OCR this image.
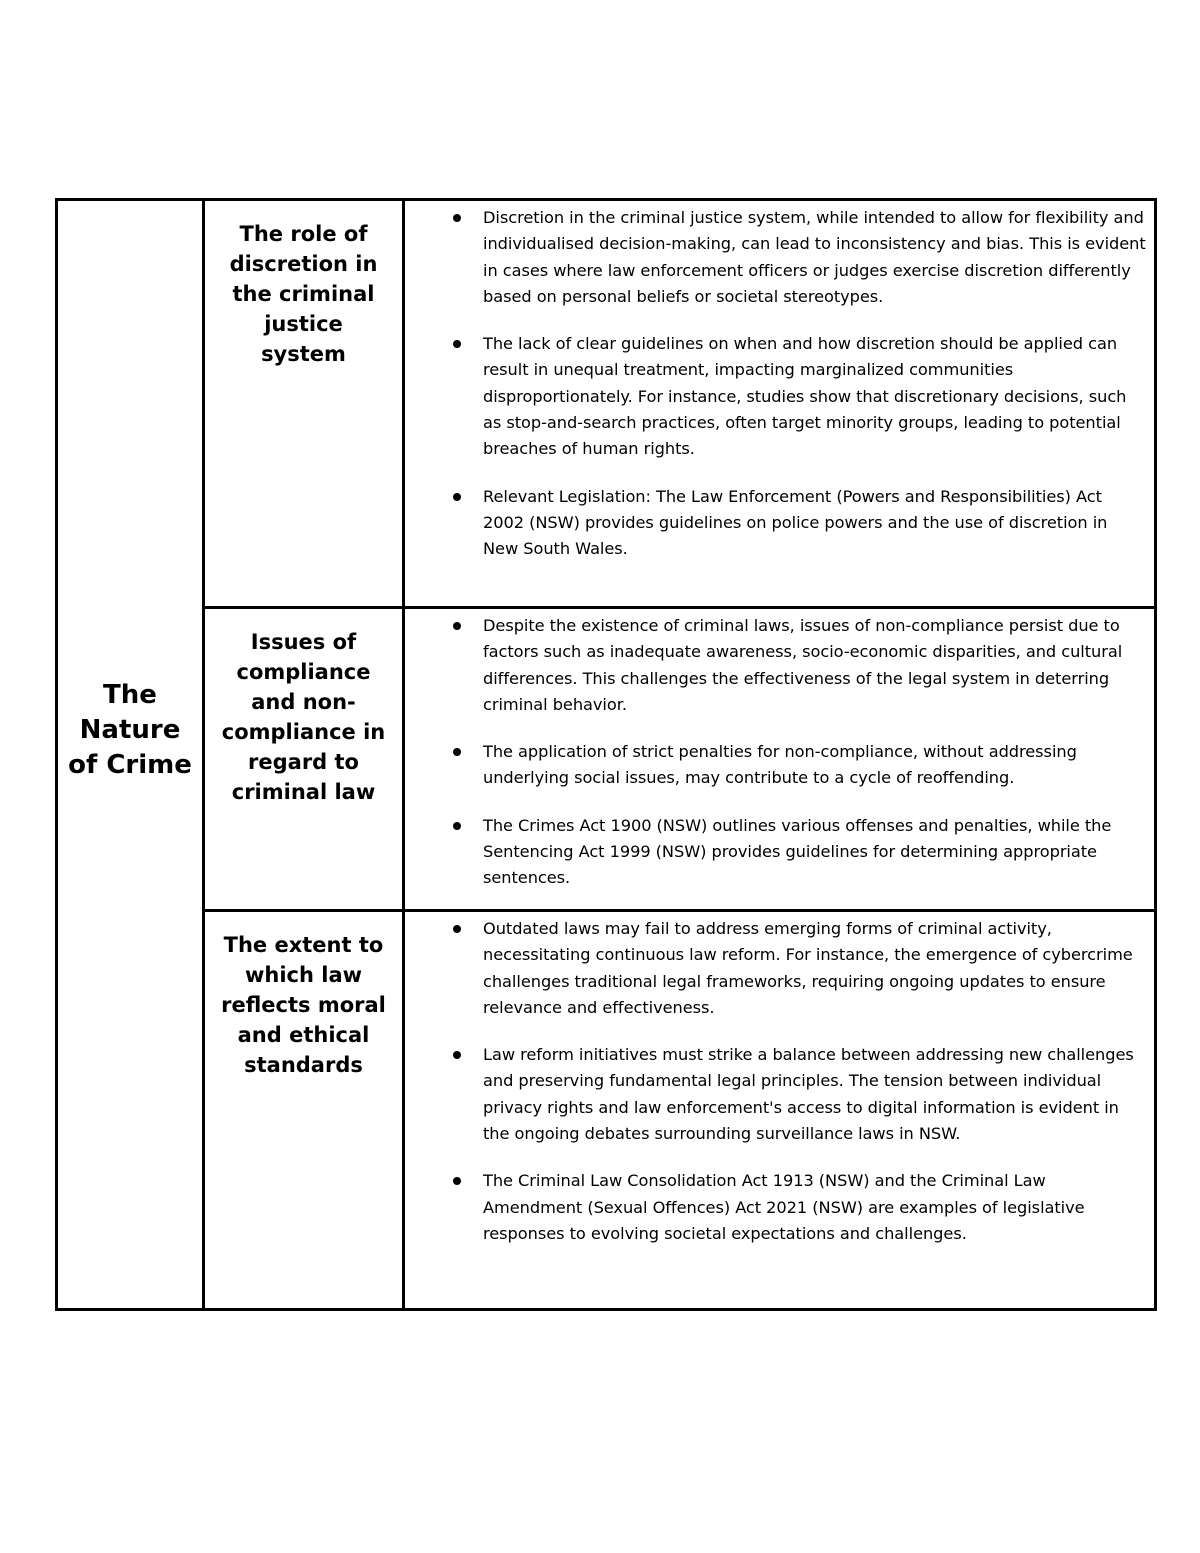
The Nature of Crime
The role of discretion in the criminal justice system
Discretion in the criminal justice system, while intended to allow for flexibility and individualised decision-making, can lead to inconsistency and bias. This is evident in cases where law enforcement officers or judges exercise discretion differently based on personal beliefs or societal stereotypes.
The lack of clear guidelines on when and how discretion should be applied can result in unequal treatment, impacting marginalized communities disproportionately. For instance, studies show that discretionary decisions, such as stop-and-search practices, often target minority groups, leading to potential breaches of human rights.
Relevant Legislation: The Law Enforcement (Powers and Responsibilities) Act 2002 (NSW) provides guidelines on police powers and the use of discretion in New South Wales.
Issues of compliance and non-compliance in regard to criminal law
Despite the existence of criminal laws, issues of non-compliance persist due to factors such as inadequate awareness, socio-economic disparities, and cultural differences. This challenges the effectiveness of the legal system in deterring criminal behavior.
The application of strict penalties for non-compliance, without addressing underlying social issues, may contribute to a cycle of reoffending.
The Crimes Act 1900 (NSW) outlines various offenses and penalties, while the Sentencing Act 1999 (NSW) provides guidelines for determining appropriate sentences.
The extent to which law reflects moral and ethical standards
Outdated laws may fail to address emerging forms of criminal activity, necessitating continuous law reform. For instance, the emergence of cybercrime challenges traditional legal frameworks, requiring ongoing updates to ensure relevance and effectiveness.
Law reform initiatives must strike a balance between addressing new challenges and preserving fundamental legal principles. The tension between individual privacy rights and law enforcement's access to digital information is evident in the ongoing debates surrounding surveillance laws in NSW.
The Criminal Law Consolidation Act 1913 (NSW) and the Criminal Law Amendment (Sexual Offences) Act 2021 (NSW) are examples of legislative responses to evolving societal expectations and challenges.
